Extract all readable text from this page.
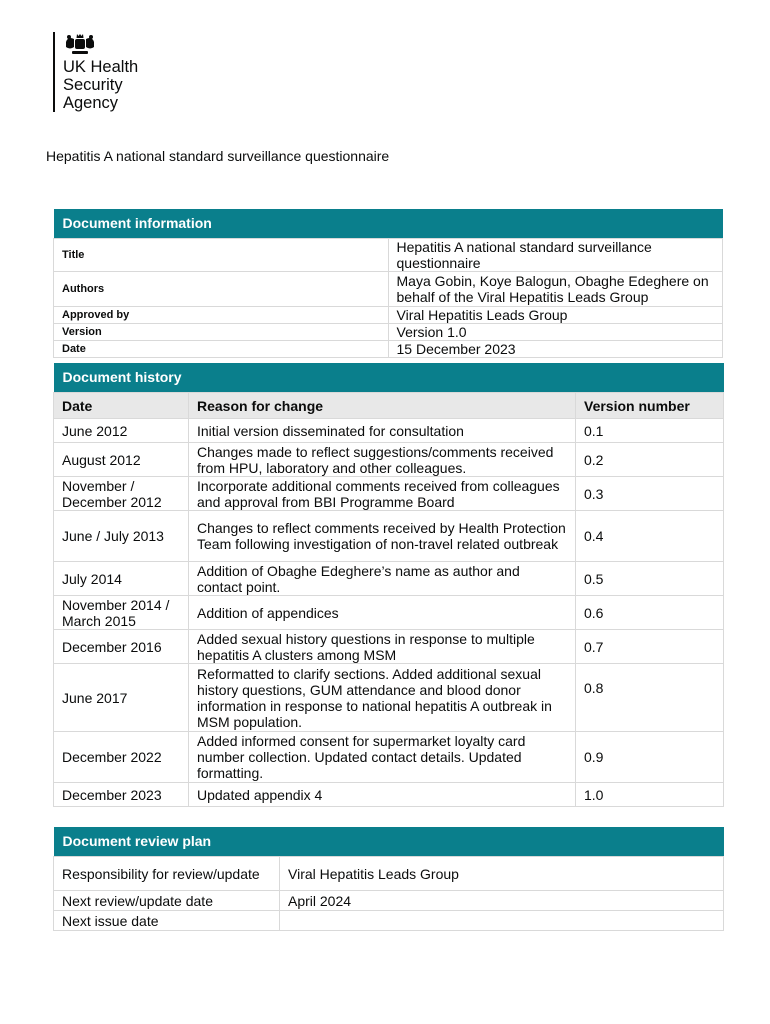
UK Health
Security
Agency
Hepatitis A national standard surveillance questionnaire
Document information	

Title	Hepatitis A national standard surveillance questionnaire
Authors	Maya Gobin, Koye Balogun, Obaghe Edeghere on behalf of the Viral Hepatitis Leads Group
Approved by	Viral Hepatitis Leads Group
Version	Version 1.0
Date	15 December 2023
Document history		

Date	Reason for change	Version number
June 2012	Initial version disseminated for consultation	0.1
August 2012	Changes made to reflect suggestions/comments received from HPU, laboratory and other colleagues.	0.2
November / December 2012	Incorporate additional comments received from colleagues and approval from BBI Programme Board	0.3
June / July 2013	Changes to reflect comments received by Health Protection Team following investigation of non-travel related outbreak	0.4
July 2014	Addition of Obaghe Edeghere’s name as author and contact point.	0.5
November 2014 / March 2015	Addition of appendices	0.6
December 2016	Added sexual history questions in response to multiple hepatitis A clusters among MSM	0.7
June 2017	Reformatted to clarify sections. Added additional sexual history questions, GUM attendance and blood donor information in response to national hepatitis A outbreak in MSM population.	0.8
December 2022	Added informed consent for supermarket loyalty card number collection. Updated contact details. Updated formatting.	0.9
December 2023	Updated appendix 4	1.0
Document review plan	

Responsibility for review/update	Viral Hepatitis Leads Group
Next review/update date	April 2024
Next issue date	
